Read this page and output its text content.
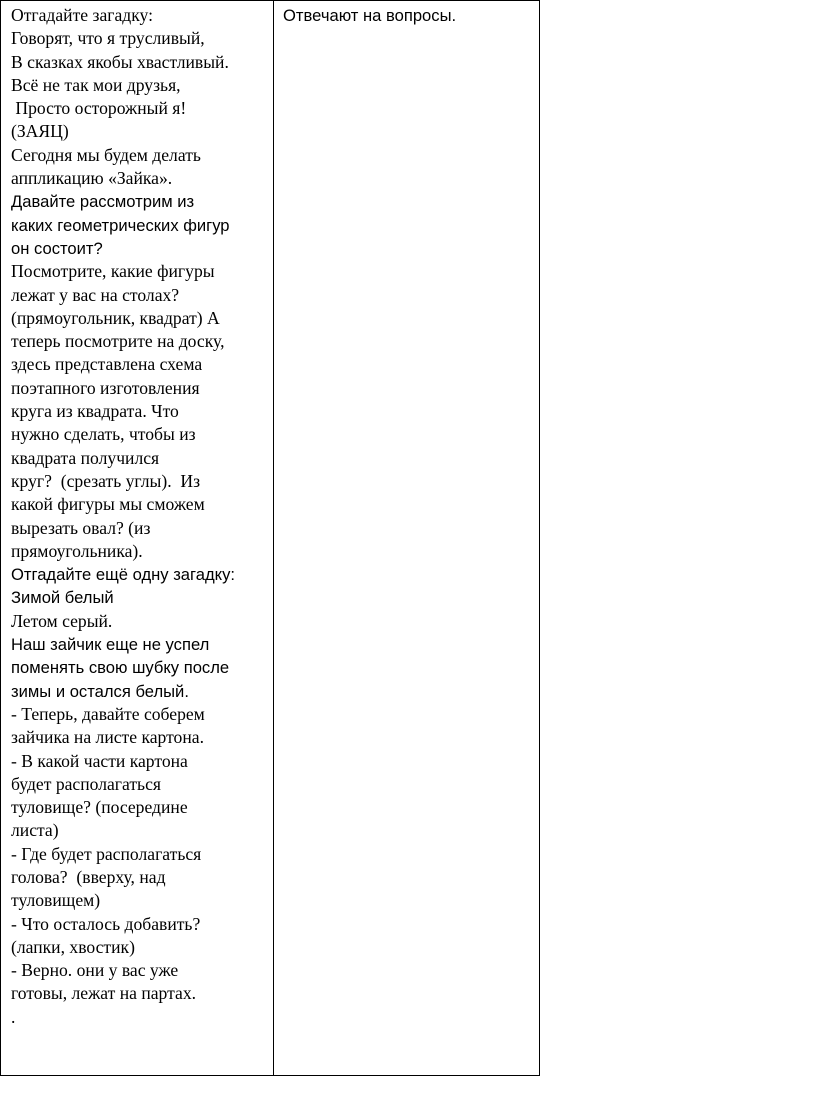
Отгадайте загадку:
Говорят, что я трусливый,
В сказках якобы хвастливый.
Всё не так мои друзья,
Просто осторожный я!
(ЗАЯЦ)
Сегодня мы будем делать
аппликацию «Зайка».
Давайте рассмотрим из
каких геометрических фигур
он состоит?
Посмотрите, какие фигуры
лежат у вас на столах?
(прямоугольник, квадрат) А
теперь посмотрите на доску,
здесь представлена схема
поэтапного изготовления
круга из квадрата. Что
нужно сделать, чтобы из
квадрата получился
круг?  (срезать углы).  Из
какой фигуры мы сможем
вырезать овал? (из
прямоугольника).
Отгадайте ещё одну загадку:
Зимой белый
Летом серый.
Наш зайчик еще не успел
поменять свою шубку после
зимы и остался белый.
- Теперь, давайте соберем
зайчика на листе картона.
- В какой части картона
будет располагаться
туловище? (посередине
листа)
- Где будет располагаться
голова?  (вверху, над
туловищем)
- Что осталось добавить?
(лапки, хвостик)
- Верно. они у вас уже
готовы, лежат на партах.
.
Отвечают на вопросы.
